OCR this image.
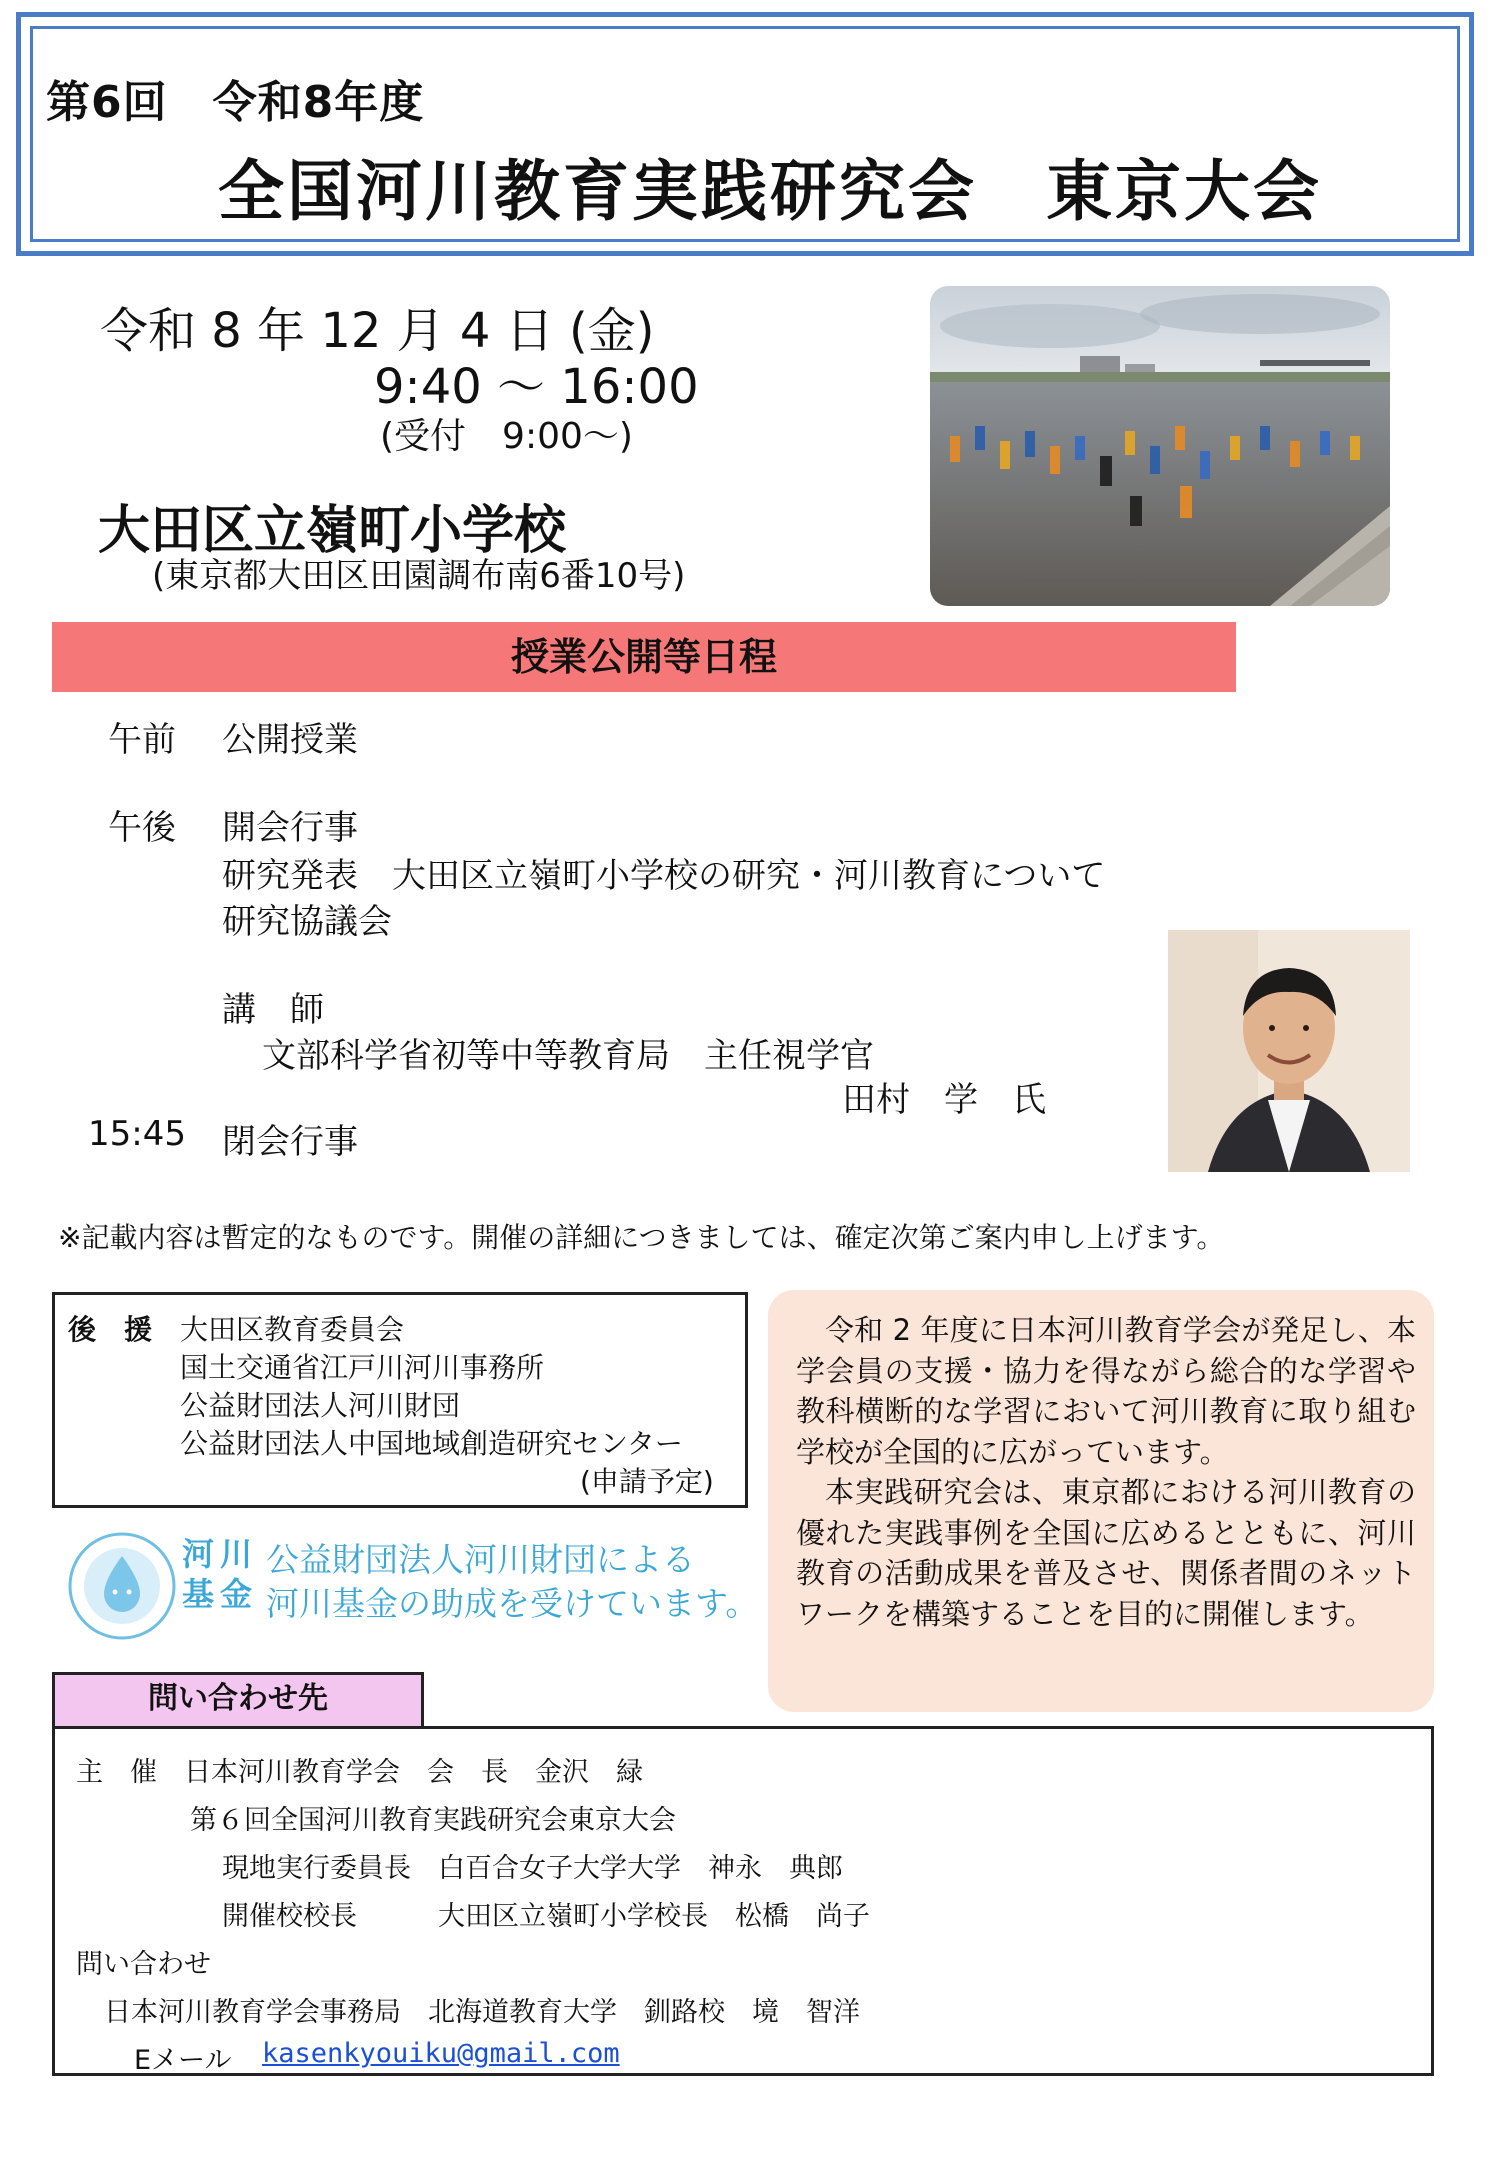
第6回　令和8年度
全国河川教育実践研究会　東京大会
令和 8 年 12 月 4 日 (金)
9:40 ～ 16:00
(受付　9:00～)
大田区立嶺町小学校
(東京都大田区田園調布南6番10号)
授業公開等日程
午前 公開授業
午後 開会行事
研究発表　大田区立嶺町小学校の研究・河川教育について
研究協議会
講　師
文部科学省初等中等教育局　主任視学官
田村　学　氏
15:45 閉会行事
※記載内容は暫定的なものです。開催の詳細につきましては、確定次第ご案内申し上げます。
後　援 大田区教育委員会
国土交通省江戸川河川事務所
公益財団法人河川財団
公益財団法人中国地域創造研究センター
(申請予定)
河川
基金
公益財団法人河川財団による
河川基金の助成を受けています。

令和 2 年度に日本河川教育学会が発足し、本学会員の支援・協力を得ながら総合的な学習や教科横断的な学習において河川教育に取り組む学校が全国的に広がっています。

本実践研究会は、東京都における河川教育の優れた実践事例を全国に広めるとともに、河川教育の活動成果を普及させ、関係者間のネットワークを構築することを目的に開催します。

問い合わせ先
主　催　日本河川教育学会　会　長　金沢　緑
第６回全国河川教育実践研究会東京大会
現地実行委員長　白百合女子大学大学　神永　典郎
開催校校長　　　大田区立嶺町小学校長　松橋　尚子
問い合わせ
日本河川教育学会事務局　北海道教育大学　釧路校　境　智洋
Eメール kasenkyouiku@gmail.com
